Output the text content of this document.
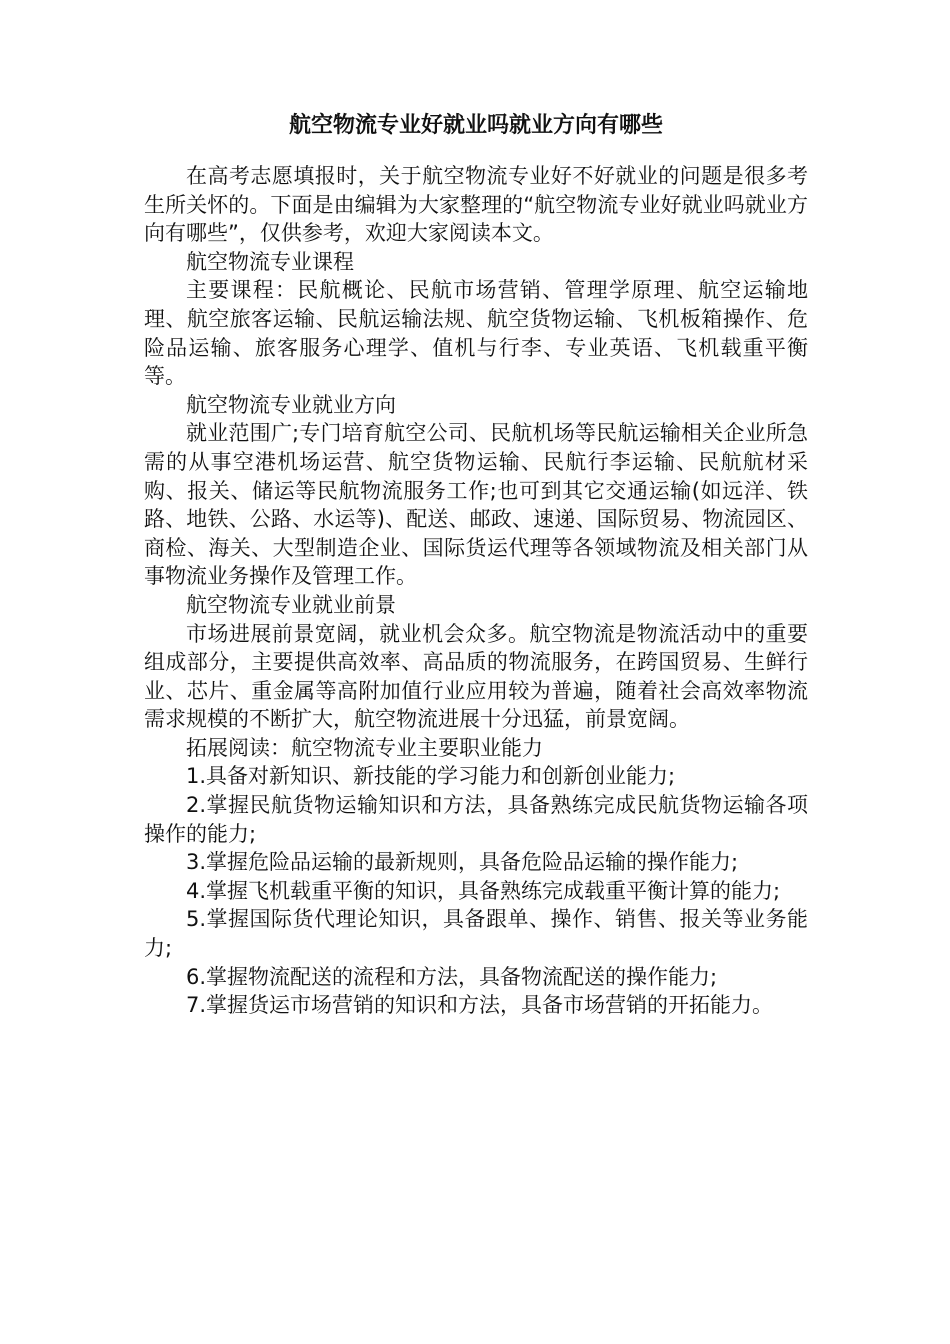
航空物流专业好就业吗就业方向有哪些

在高考志愿填报时，关于航空物流专业好不好就业的问题是很多考生所关怀的。下面是由编辑为大家整理的“航空物流专业好就业吗就业方向有哪些”，仅供参考，欢迎大家阅读本文。

航空物流专业课程

主要课程：民航概论、民航市场营销、管理学原理、航空运输地理、航空旅客运输、民航运输法规、航空货物运输、飞机板箱操作、危险品运输、旅客服务心理学、值机与行李、专业英语、飞机载重平衡等。

航空物流专业就业方向

就业范围广;专门培育航空公司、民航机场等民航运输相关企业所急需的从事空港机场运营、航空货物运输、民航行李运输、民航航材采购、报关、储运等民航物流服务工作;也可到其它交通运输(如远洋、铁路、地铁、公路、水运等)、配送、邮政、速递、国际贸易、物流园区、商检、海关、大型制造企业、国际货运代理等各领域物流及相关部门从事物流业务操作及管理工作。

航空物流专业就业前景

市场进展前景宽阔，就业机会众多。航空物流是物流活动中的重要组成部分，主要提供高效率、高品质的物流服务，在跨国贸易、生鲜行业、芯片、重金属等高附加值行业应用较为普遍，随着社会高效率物流需求规模的不断扩大，航空物流进展十分迅猛，前景宽阔。

拓展阅读：航空物流专业主要职业能力

1.具备对新知识、新技能的学习能力和创新创业能力;

2.掌握民航货物运输知识和方法，具备熟练完成民航货物运输各项操作的能力;

3.掌握危险品运输的最新规则，具备危险品运输的操作能力;

4.掌握飞机载重平衡的知识，具备熟练完成载重平衡计算的能力;

5.掌握国际货代理论知识，具备跟单、操作、销售、报关等业务能力;

6.掌握物流配送的流程和方法，具备物流配送的操作能力;

7.掌握货运市场营销的知识和方法，具备市场营销的开拓能力。
